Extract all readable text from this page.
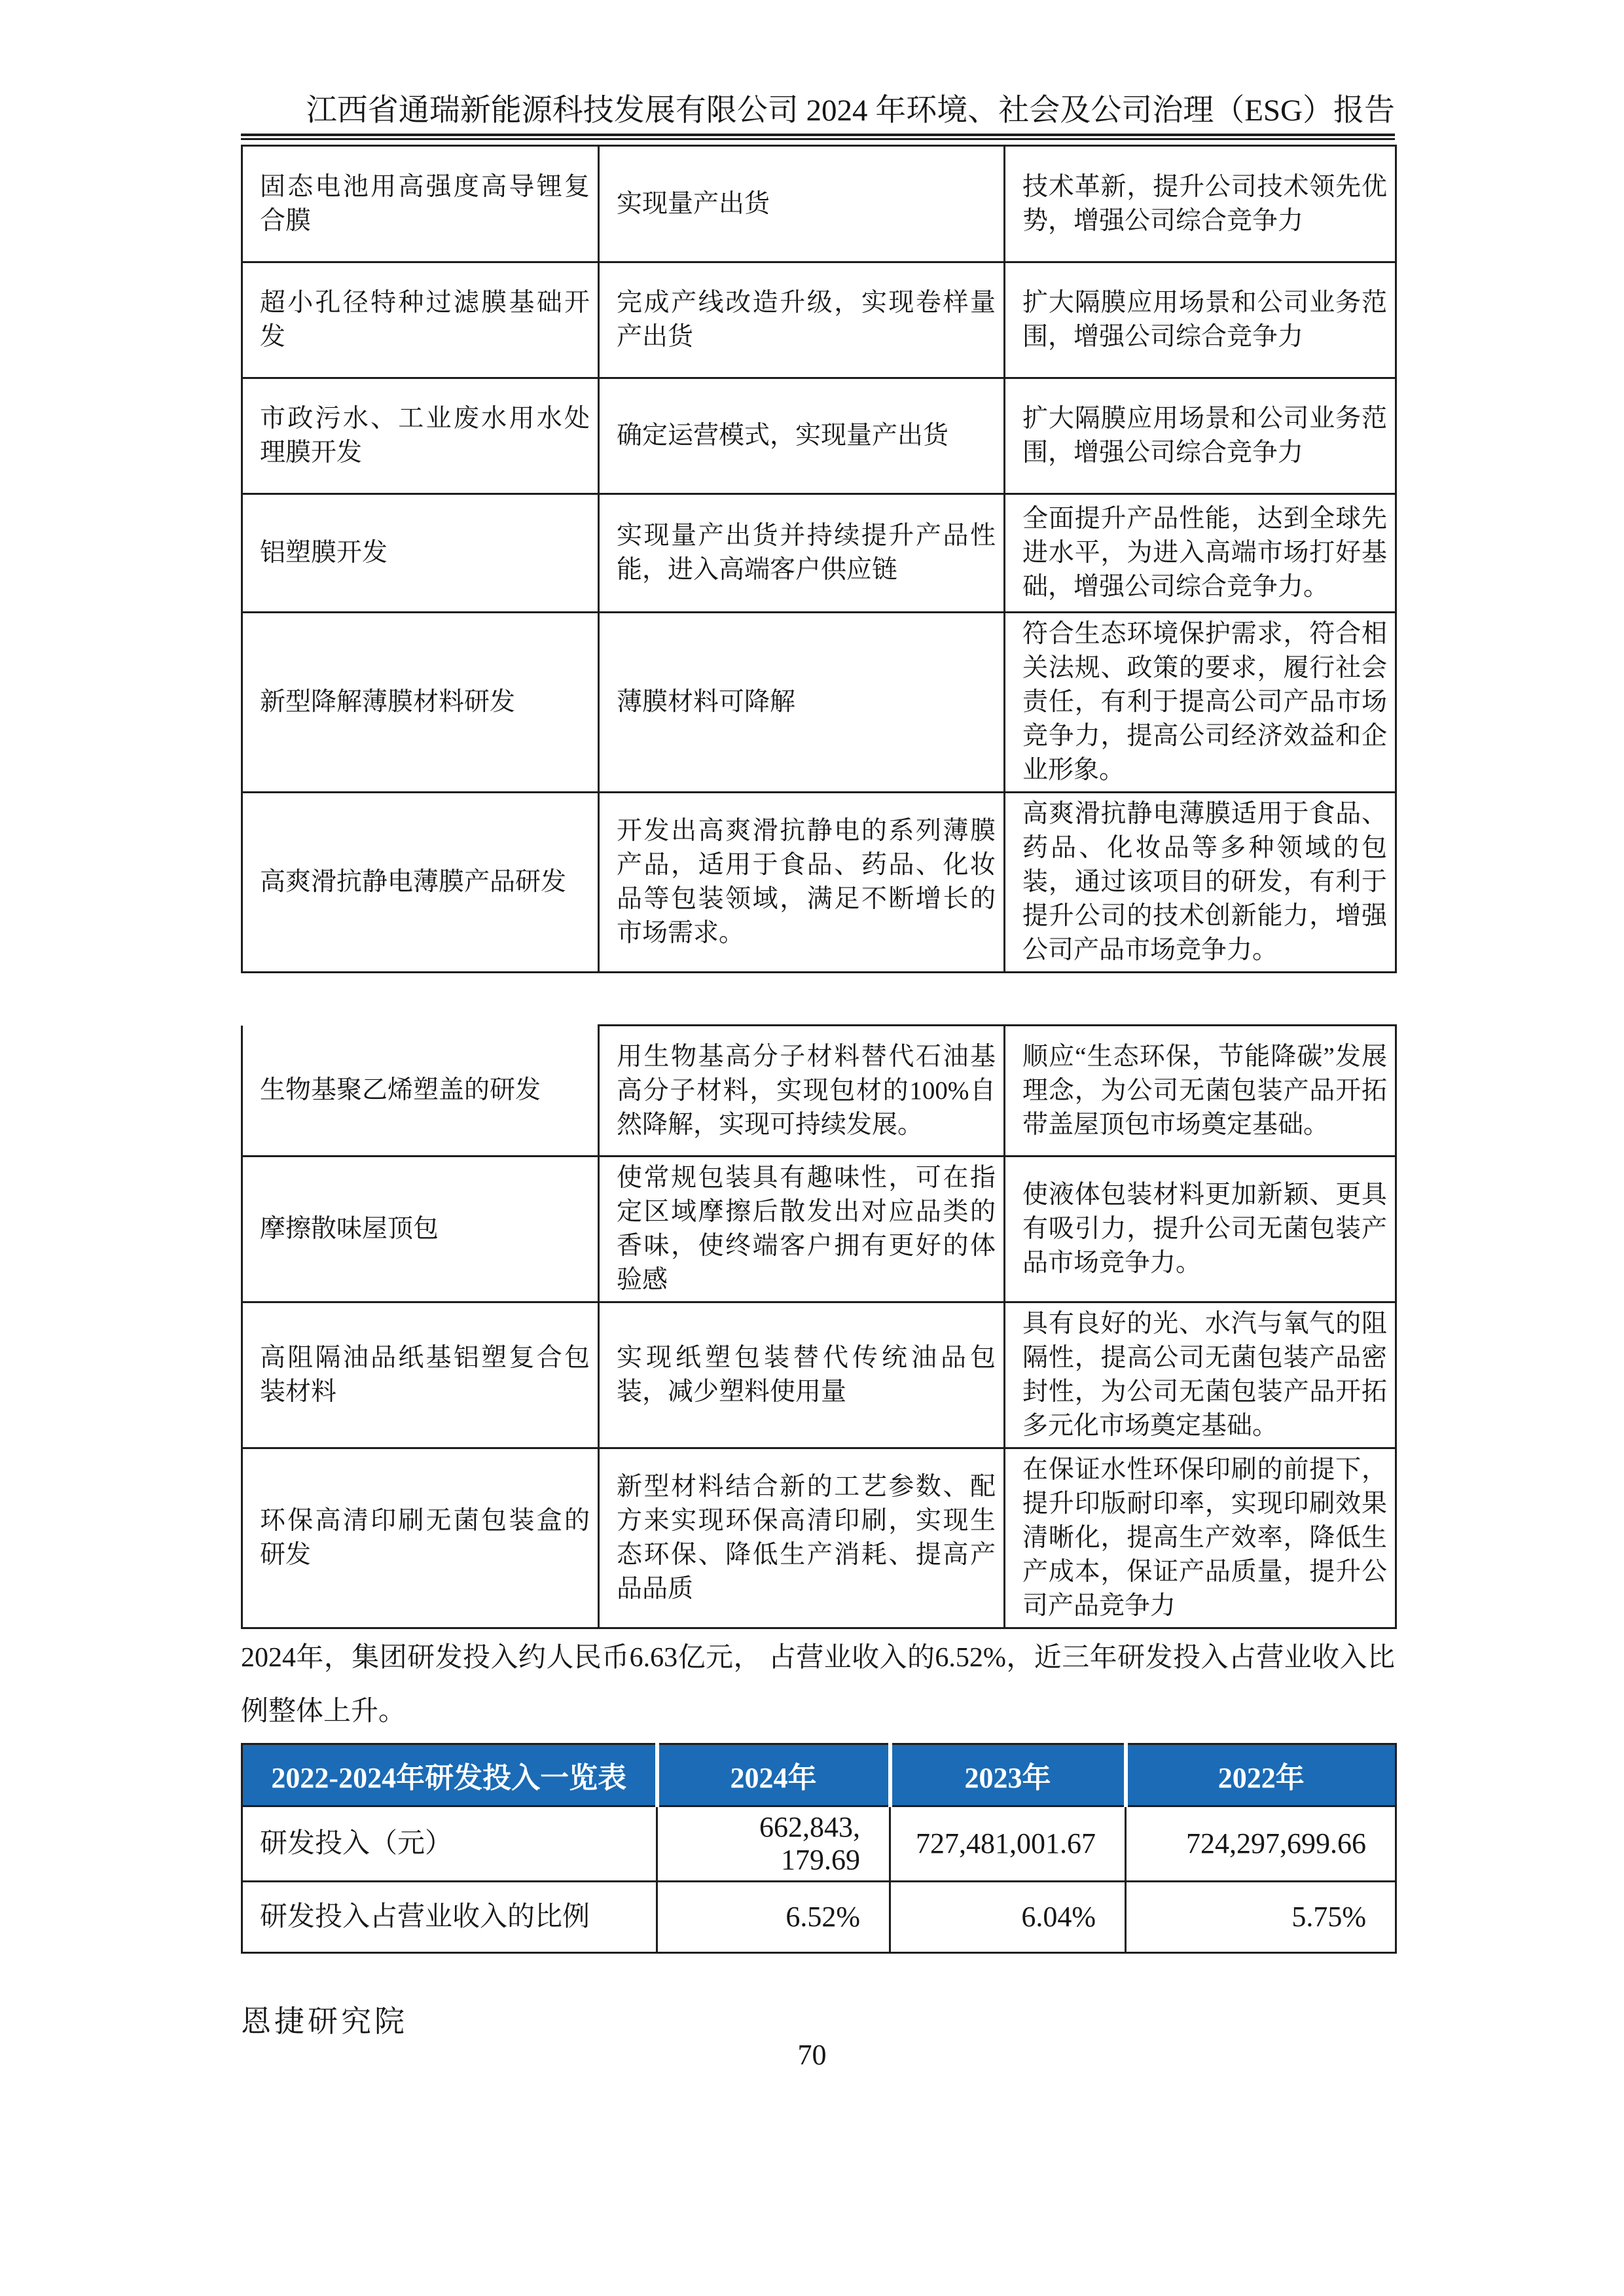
江西省通瑞新能源科技发展有限公司 2024 年环境、社会及公司治理（ESG）报告
固态电池用高强度高导锂复合膜	实现量产出货	技术革新，提升公司技术领先优势，增强公司综合竞争力
超小孔径特种过滤膜基础开发	完成产线改造升级，实现卷样量产出货	扩大隔膜应用场景和公司业务范围，增强公司综合竞争力
市政污水、工业废水用水处理膜开发	确定运营模式，实现量产出货	扩大隔膜应用场景和公司业务范围，增强公司综合竞争力
铝塑膜开发	实现量产出货并持续提升产品性能，进入高端客户供应链	全面提升产品性能，达到全球先进水平，为进入高端市场打好基础，增强公司综合竞争力。
新型降解薄膜材料研发	薄膜材料可降解	符合生态环境保护需求，符合相关法规、政策的要求，履行社会责任，有利于提高公司产品市场竞争力，提高公司经济效益和企业形象。
高爽滑抗静电薄膜产品研发	开发出高爽滑抗静电的系列薄膜产品，适用于食品、药品、化妆品等包装领域，满足不断增长的市场需求。	高爽滑抗静电薄膜适用于食品、药品、化妆品等多种领域的包装，通过该项目的研发，有利于提升公司的技术创新能力，增强公司产品市场竞争力。
生物基聚乙烯塑盖的研发	用生物基高分子材料替代石油基高分子材料，实现包材的100%自然降解，实现可持续发展。	顺应“生态环保，节能降碳”发展理念，为公司无菌包装产品开拓带盖屋顶包市场奠定基础。
摩擦散味屋顶包	使常规包装具有趣味性，可在指定区域摩擦后散发出对应品类的香味，使终端客户拥有更好的体验感	使液体包装材料更加新颖、更具有吸引力，提升公司无菌包装产品市场竞争力。
高阻隔油品纸基铝塑复合包装材料	实现纸塑包装替代传统油品包装，减少塑料使用量	具有良好的光、水汽与氧气的阻隔性，提高公司无菌包装产品密封性，为公司无菌包装产品开拓多元化市场奠定基础。
环保高清印刷无菌包装盒的研发	新型材料结合新的工艺参数、配方来实现环保高清印刷，实现生态环保、降低生产消耗、提高产品品质	在保证水性环保印刷的前提下，提升印版耐印率，实现印刷效果清晰化，提高生产效率，降低生产成本，保证产品质量，提升公司产品竞争力
2024年，集团研发投入约人民币6.63亿元， 占营业收入的6.52%，近三年研发投入占营业收入比例整体上升。
2022-2024年研发投入一览表	2024年	2023年	2022年
研发投入（元）	662,843, 179.69	727,481,001.67	724,297,699.66
研发投入占营业收入的比例	6.52%	6.04%	5.75%
恩捷研究院
70
